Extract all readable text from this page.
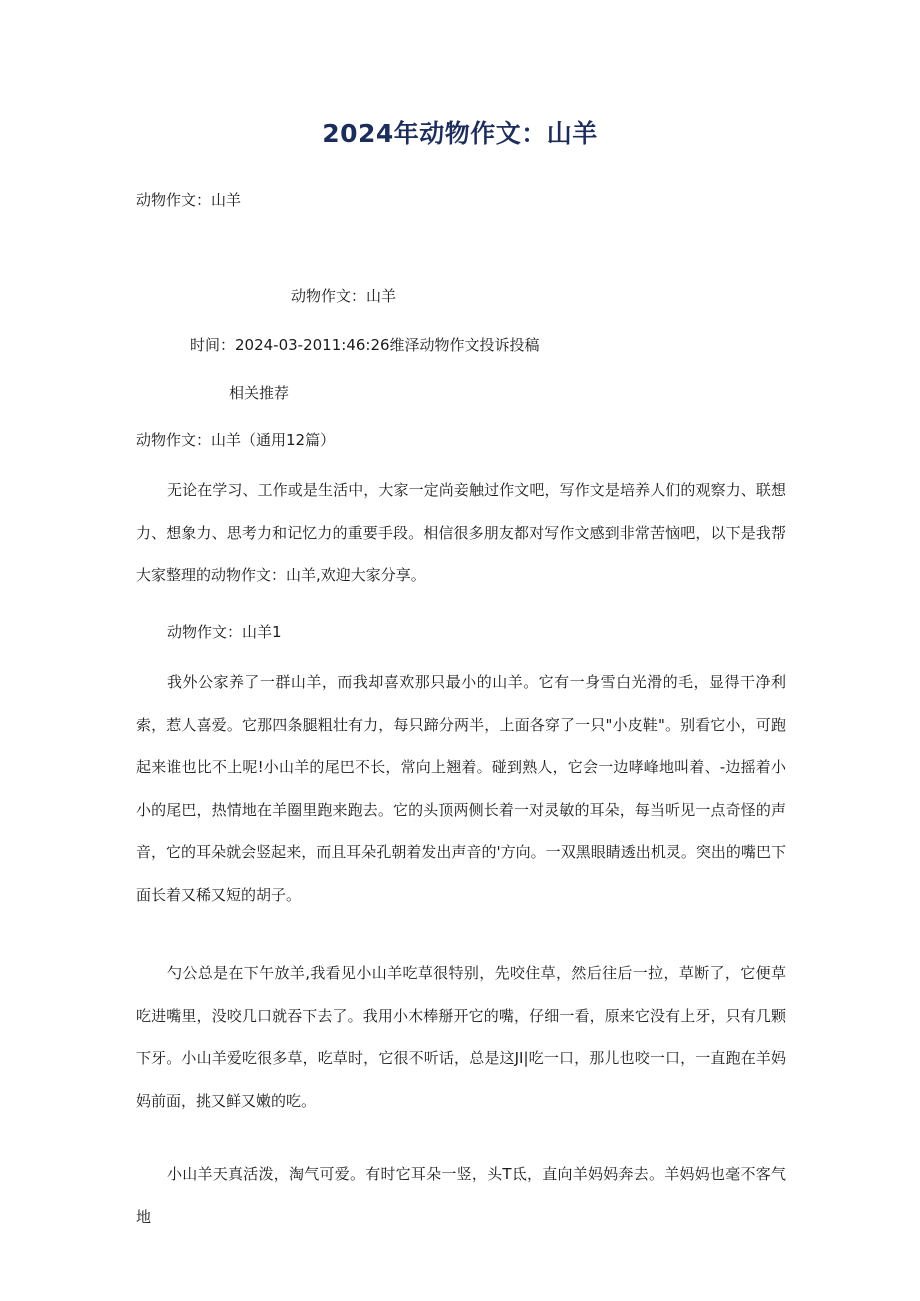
2024年动物作文：山羊
动物作文：山羊
动物作文：山羊
时间：2024-03-2011:46:26维泽动物作文投诉投稿
相关推荐
动物作文：山羊（通用12篇）
无论在学习、工作或是生活中，大家一定尚妾触过作文吧，写作文是培养人们的观察力、联想力、想象力、思考力和记忆力的重要手段。相信很多朋友都对写作文感到非常苦恼吧，以下是我帮大家整理的动物作文：山羊,欢迎大家分享。
动物作文：山羊1
我外公家养了一群山羊，而我却喜欢那只最小的山羊。它有一身雪白光滑的毛，显得干净利索，惹人喜爱。它那四条腿粗壮有力，每只蹄分两半，上面各穿了一只"小皮鞋"。别看它小，可跑起来谁也比不上呢!小山羊的尾巴不长，常向上翘着。碰到熟人，它会一边哮峰地叫着、-边摇着小小的尾巴，热情地在羊圈里跑来跑去。它的头顶两侧长着一对灵敏的耳朵，每当听见一点奇怪的声音，它的耳朵就会竖起来，而且耳朵孔朝着发出声音的'方向。一双黑眼睛透出机灵。突出的嘴巴下面长着又稀又短的胡子。
勺公总是在下午放羊,我看见小山羊吃草很特别，先咬住草，然后往后一拉，草断了，它便草吃进嘴里，没咬几口就吞下去了。我用小木棒掰开它的嘴，仔细一看，原来它没有上牙，只有几颗下牙。小山羊爱吃很多草，吃草时，它很不听话，总是这JI|吃一口，那儿也咬一口，一直跑在羊妈妈前面，挑又鲜又嫩的吃。
小山羊天真活泼，淘气可爱。有时它耳朵一竖，头T氐，直向羊妈妈奔去。羊妈妈也毫不客气地
